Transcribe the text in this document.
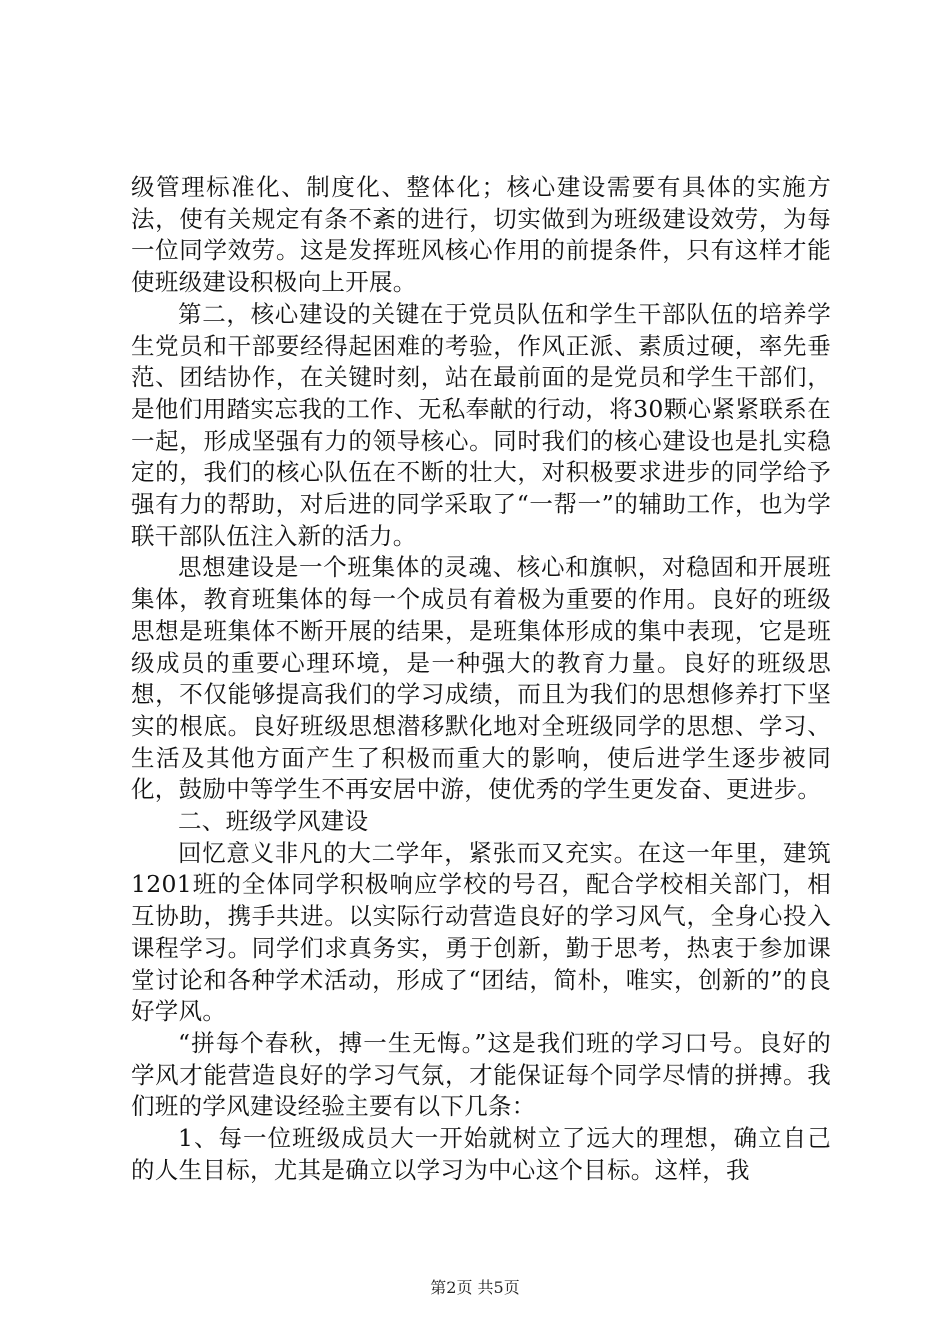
级管理标准化、制度化、整体化；核心建设需要有具体的实施方法，使有关规定有条不紊的进行，切实做到为班级建设效劳，为每一位同学效劳。这是发挥班风核心作用的前提条件，只有这样才能使班级建设积极向上开展。

第二，核心建设的关键在于党员队伍和学生干部队伍的培养学生党员和干部要经得起困难的考验，作风正派、素质过硬，率先垂范、团结协作，在关键时刻，站在最前面的是党员和学生干部们，是他们用踏实忘我的工作、无私奉献的行动，将30颗心紧紧联系在一起，形成坚强有力的领导核心。同时我们的核心建设也是扎实稳定的，我们的核心队伍在不断的壮大，对积极要求进步的同学给予强有力的帮助，对后进的同学采取了“一帮一”的辅助工作，也为学联干部队伍注入新的活力。

思想建设是一个班集体的灵魂、核心和旗帜，对稳固和开展班集体，教育班集体的每一个成员有着极为重要的作用。良好的班级思想是班集体不断开展的结果，是班集体形成的集中表现，它是班级成员的重要心理环境，是一种强大的教育力量。良好的班级思想，不仅能够提高我们的学习成绩，而且为我们的思想修养打下坚实的根底。良好班级思想潜移默化地对全班级同学的思想、学习、生活及其他方面产生了积极而重大的影响，使后进学生逐步被同化，鼓励中等学生不再安居中游，使优秀的学生更发奋、更进步。

二、班级学风建设

回忆意义非凡的大二学年，紧张而又充实。在这一年里，建筑1201班的全体同学积极响应学校的号召，配合学校相关部门，相互协助，携手共进。以实际行动营造良好的学习风气，全身心投入课程学习。同学们求真务实，勇于创新，勤于思考，热衷于参加课堂讨论和各种学术活动，形成了“团结，简朴，唯实，创新的”的良好学风。

“拼每个春秋，搏一生无悔。”这是我们班的学习口号。良好的学风才能营造良好的学习气氛，才能保证每个同学尽情的拼搏。我们班的学风建设经验主要有以下几条：

1、每一位班级成员大一开始就树立了远大的理想，确立自己的人生目标，尤其是确立以学习为中心这个目标。这样，我

第2页 共5页
